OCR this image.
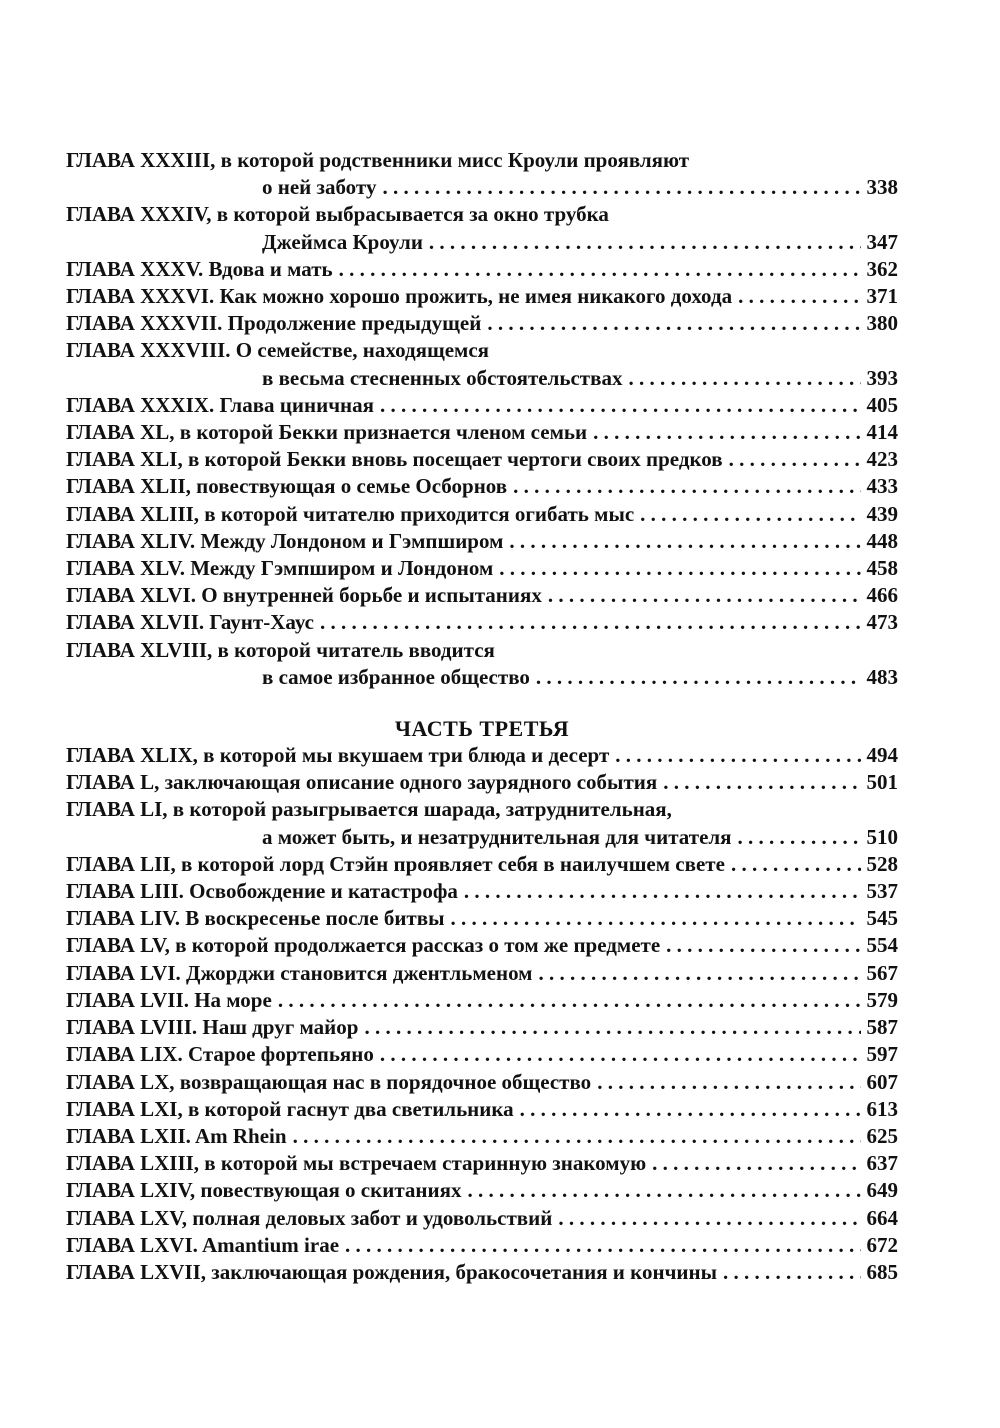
ГЛАВА XXXIII, в которой родственники мисс Кроули проявляют
о ней заботу . . .	338
ГЛАВА XXXIV, в которой выбрасывается за окно трубка
Джеймса Кроули . . .	347
ГЛАВА XXXV. Вдова и мать . . .	362
ГЛАВА XXXVI. Как можно хорошо прожить, не имея никакого дохода . . .	371
ГЛАВА XXXVII. Продолжение предыдущей . . .	380
ГЛАВА XXXVIII. О семействе, находящемся
в весьма стесненных обстоятельствах . . .	393
ГЛАВА XXXIX. Глава циничная . . .	405
ГЛАВА XL, в которой Бекки признается членом семьи . . .	414
ГЛАВА XLI, в которой Бекки вновь посещает чертоги своих предков . . .	423
ГЛАВА XLII, повествующая о семье Осборнов . . .	433
ГЛАВА XLIII, в которой читателю приходится огибать мыс . . .	439
ГЛАВА XLIV. Между Лондоном и Гэмпширом . . .	448
ГЛАВА XLV. Между Гэмпширом и Лондоном . . .	458
ГЛАВА XLVI. О внутренней борьбе и испытаниях . . .	466
ГЛАВА XLVII. Гаунт-Хаус . . .	473
ГЛАВА XLVIII, в которой читатель вводится
в самое избранное общество . . .	483
ЧАСТЬ ТРЕТЬЯ
ГЛАВА XLIX, в которой мы вкушаем три блюда и десерт . . .	494
ГЛАВА L, заключающая описание одного заурядного события . . .	501
ГЛАВА LI, в которой разыгрывается шарада, затруднительная,
а может быть, и незатруднительная для читателя . . .	510
ГЛАВА LII, в которой лорд Стэйн проявляет себя в наилучшем свете . . .	528
ГЛАВА LIII. Освобождение и катастрофа . . .	537
ГЛАВА LIV. В воскресенье после битвы . . .	545
ГЛАВА LV, в которой продолжается рассказ о том же предмете . . .	554
ГЛАВА LVI. Джорджи становится джентльменом . . .	567
ГЛАВА LVII. На море . . .	579
ГЛАВА LVIII. Наш друг майор . . .	587
ГЛАВА LIX. Старое фортепьяно . . .	597
ГЛАВА LX, возвращающая нас в порядочное общество . . .	607
ГЛАВА LXI, в которой гаснут два светильника . . .	613
ГЛАВА LXII. Am Rhein . . .	625
ГЛАВА LXIII, в которой мы встречаем старинную знакомую . . .	637
ГЛАВА LXIV, повествующая о скитаниях . . .	649
ГЛАВА LXV, полная деловых забот и удовольствий . . .	664
ГЛАВА LXVI. Amantium irae . . .	672
ГЛАВА LXVII, заключающая рождения, бракосочетания и кончины . . .	685
